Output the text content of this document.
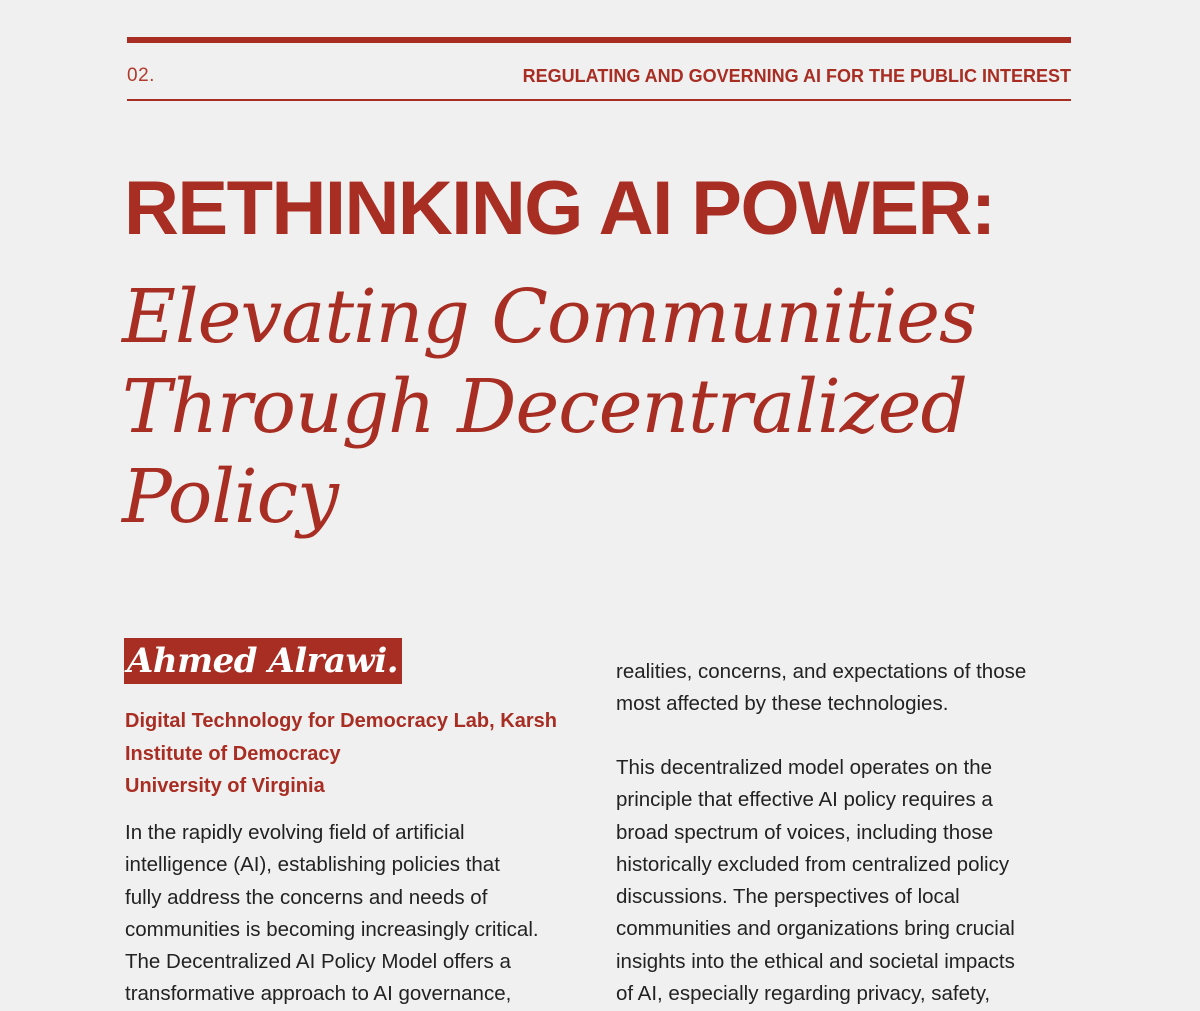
02.	REGULATING AND GOVERNING AI FOR THE PUBLIC INTEREST
RETHINKING AI POWER:
Elevating Communities
Through Decentralized
Policy
Ahmed Alrawi.
Digital Technology for Democracy Lab, Karsh
Institute of Democracy
University of Virginia

In the rapidly evolving field of artificial
intelligence (AI), establishing policies that
fully address the concerns and needs of
communities is becoming increasingly critical.
The Decentralized AI Policy Model offers a
transformative approach to AI governance,

realities, concerns, and expectations of those
most affected by these technologies.

This decentralized model operates on the
principle that effective AI policy requires a
broad spectrum of voices, including those
historically excluded from centralized policy
discussions. The perspectives of local
communities and organizations bring crucial
insights into the ethical and societal impacts
of AI, especially regarding privacy, safety,
